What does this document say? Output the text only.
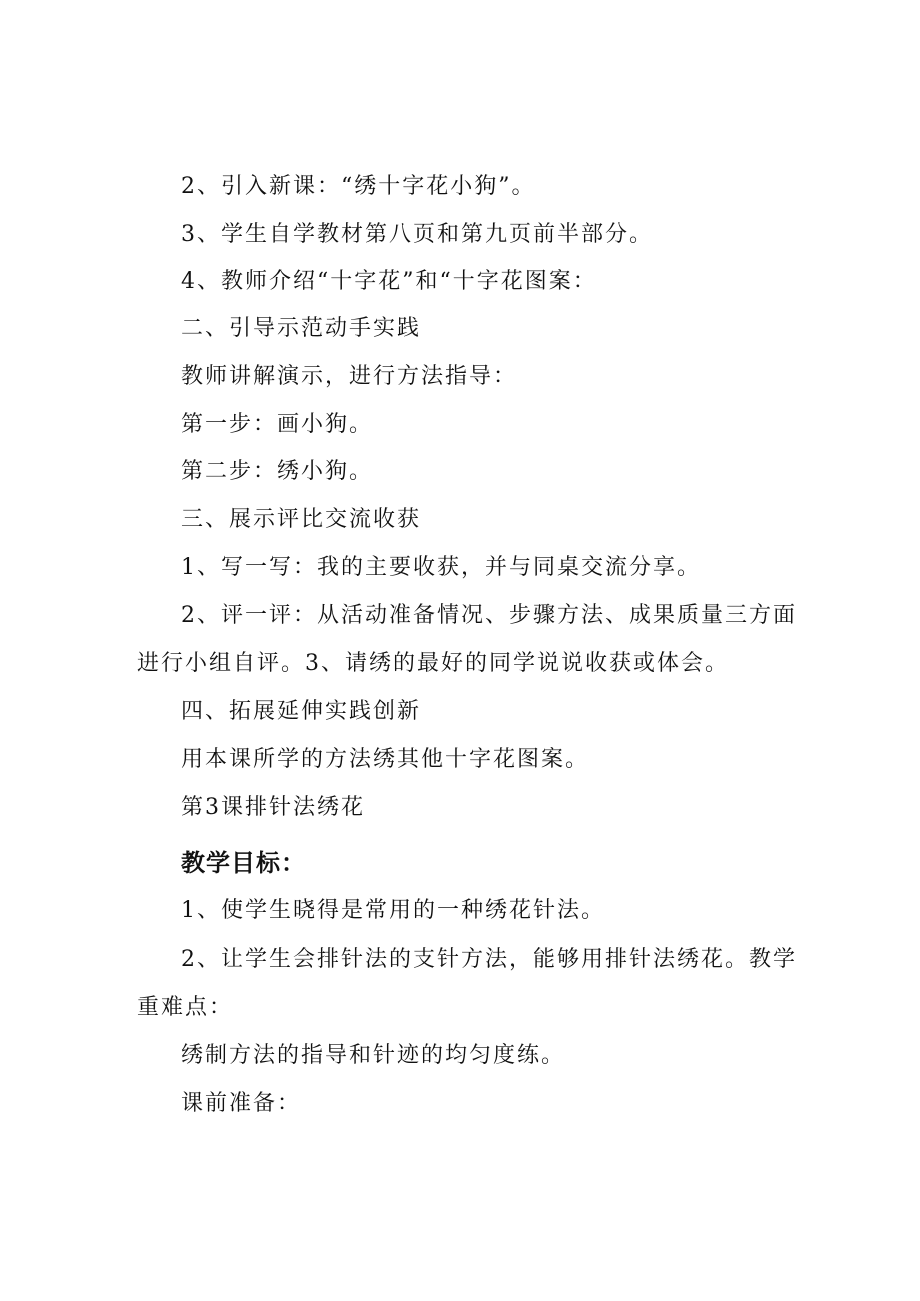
2、引入新课：“绣十字花小狗”。

3、学生自学教材第八页和第九页前半部分。

4、教师介绍“十字花”和“十字花图案：

二、引导示范动手实践

教师讲解演示，进行方法指导：

第一步：画小狗。

第二步：绣小狗。

三、展示评比交流收获

1、写一写：我的主要收获，并与同桌交流分享。

2、评一评：从活动准备情况、步骤方法、成果质量三方面

进行小组自评。3、请绣的最好的同学说说收获或体会。

四、拓展延伸实践创新

用本课所学的方法绣其他十字花图案。

第3课排针法绣花

教学目标：

1、使学生晓得是常用的一种绣花针法。

2、让学生会排针法的支针方法，能够用排针法绣花。教学

重难点：

绣制方法的指导和针迹的均匀度练。

课前准备：
